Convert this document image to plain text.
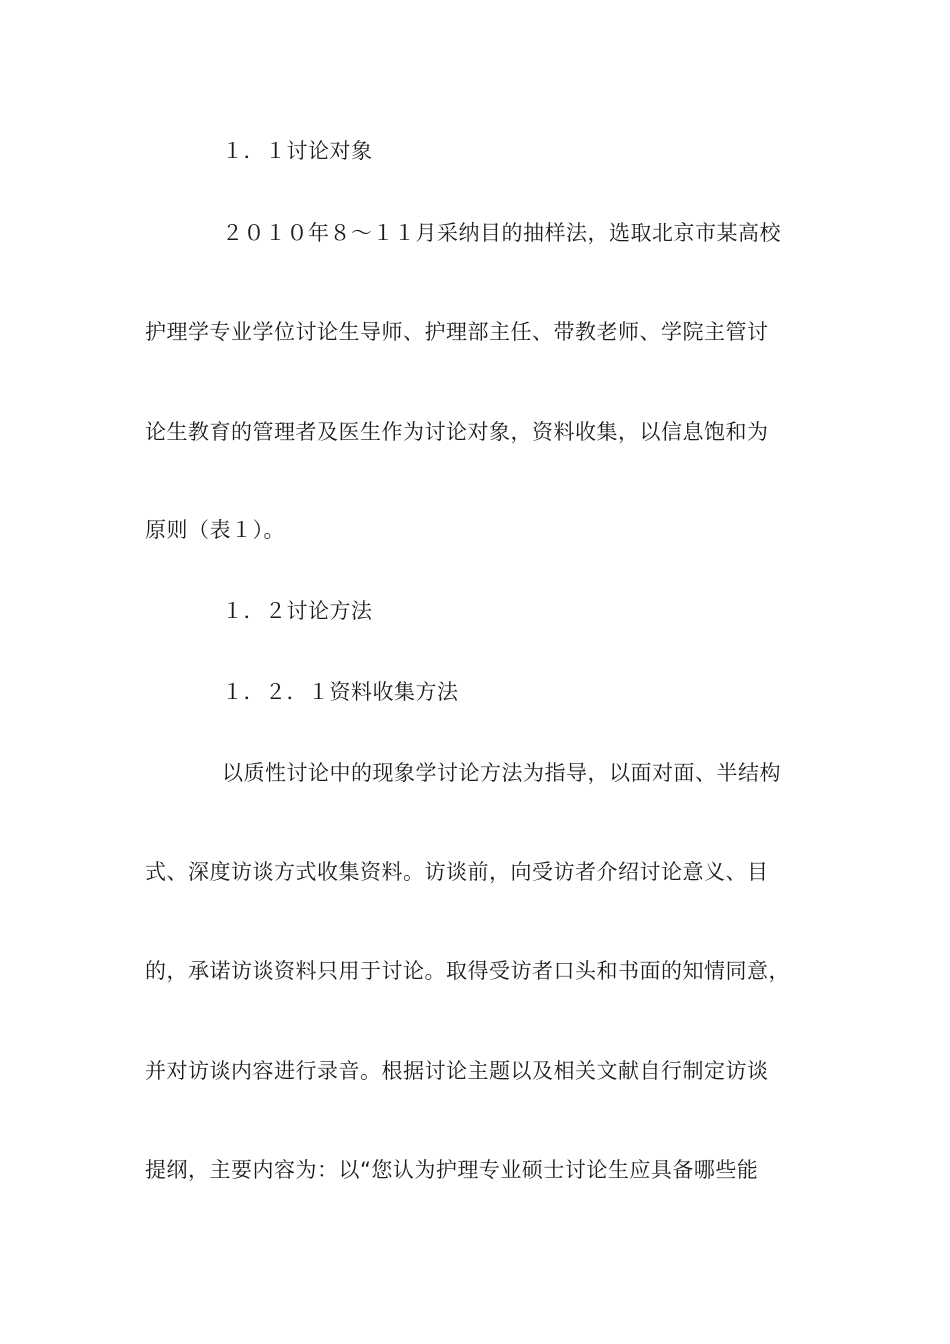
１．１讨论对象
２０１０年８～１１月采纳目的抽样法，选取北京市某高校
护理学专业学位讨论生导师、护理部主任、带教老师、学院主管讨
论生教育的管理者及医生作为讨论对象，资料收集，以信息饱和为
原则（表１）。
１．２讨论方法
１．２．１资料收集方法
以质性讨论中的现象学讨论方法为指导，以面对面、半结构
式、深度访谈方式收集资料。访谈前，向受访者介绍讨论意义、目
的，承诺访谈资料只用于讨论。取得受访者口头和书面的知情同意，
并对访谈内容进行录音。根据讨论主题以及相关文献自行制定访谈
提纲，主要内容为：以“您认为护理专业硕士讨论生应具备哪些能
